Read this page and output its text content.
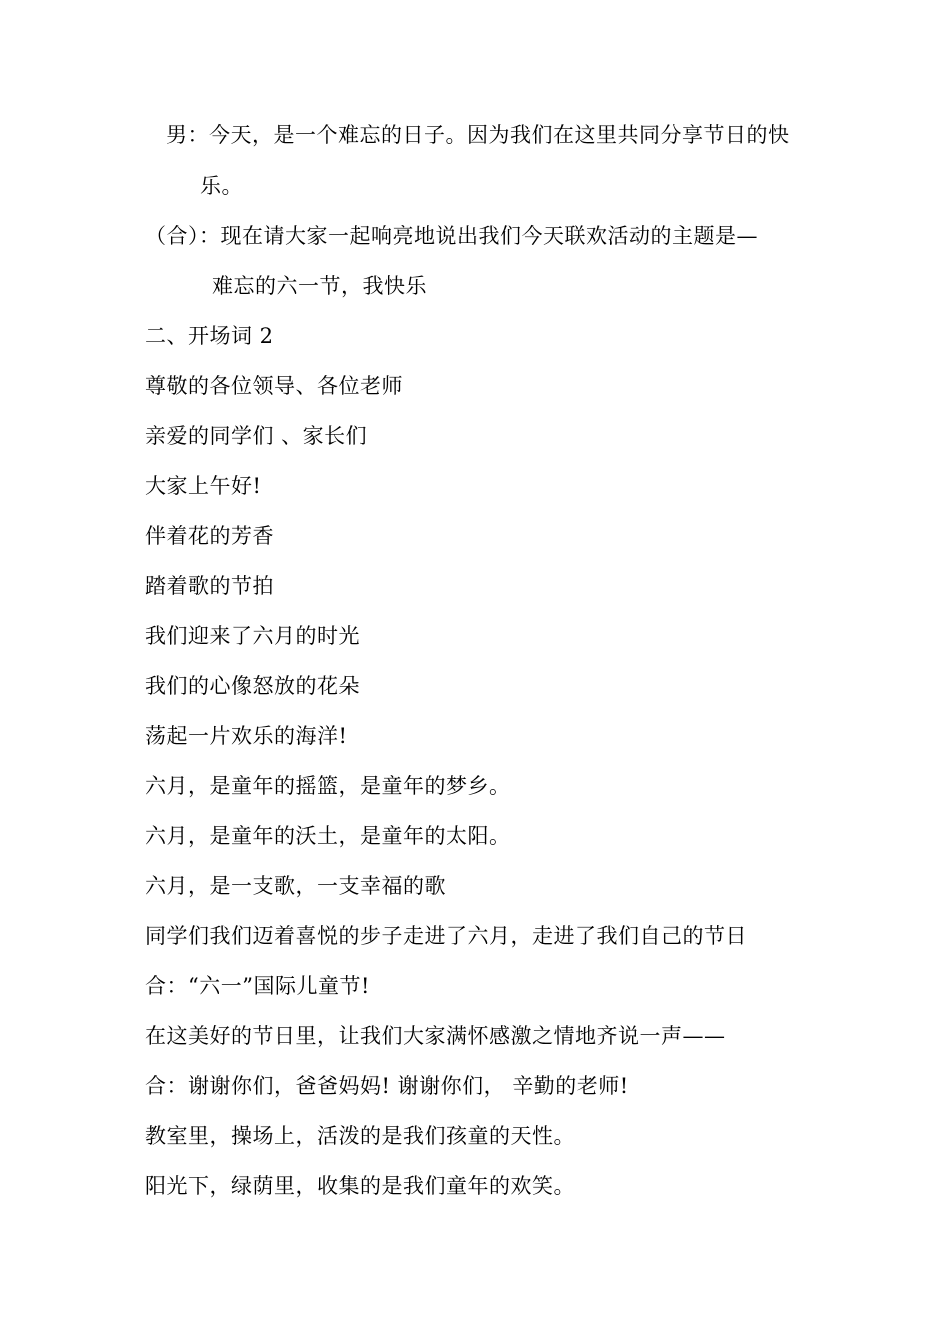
男：今天，是一个难忘的日子。因为我们在这里共同分享节日的快
乐。
（合）：现在请大家一起响亮地说出我们今天联欢活动的主题是—
难忘的六一节，我快乐
二、开场词 2
尊敬的各位领导、各位老师
亲爱的同学们 、家长们
大家上午好!
伴着花的芳香
踏着歌的节拍
我们迎来了六月的时光
我们的心像怒放的花朵
荡起一片欢乐的海洋!
六月，是童年的摇篮，是童年的梦乡。
六月，是童年的沃土，是童年的太阳。
六月，是一支歌，一支幸福的歌
同学们我们迈着喜悦的步子走进了六月，走进了我们自己的节日
合：“六一”国际儿童节!
在这美好的节日里，让我们大家满怀感激之情地齐说一声——
合：谢谢你们，爸爸妈妈! 谢谢你们， 辛勤的老师!
教室里，操场上，活泼的是我们孩童的天性。
阳光下，绿荫里，收集的是我们童年的欢笑。
